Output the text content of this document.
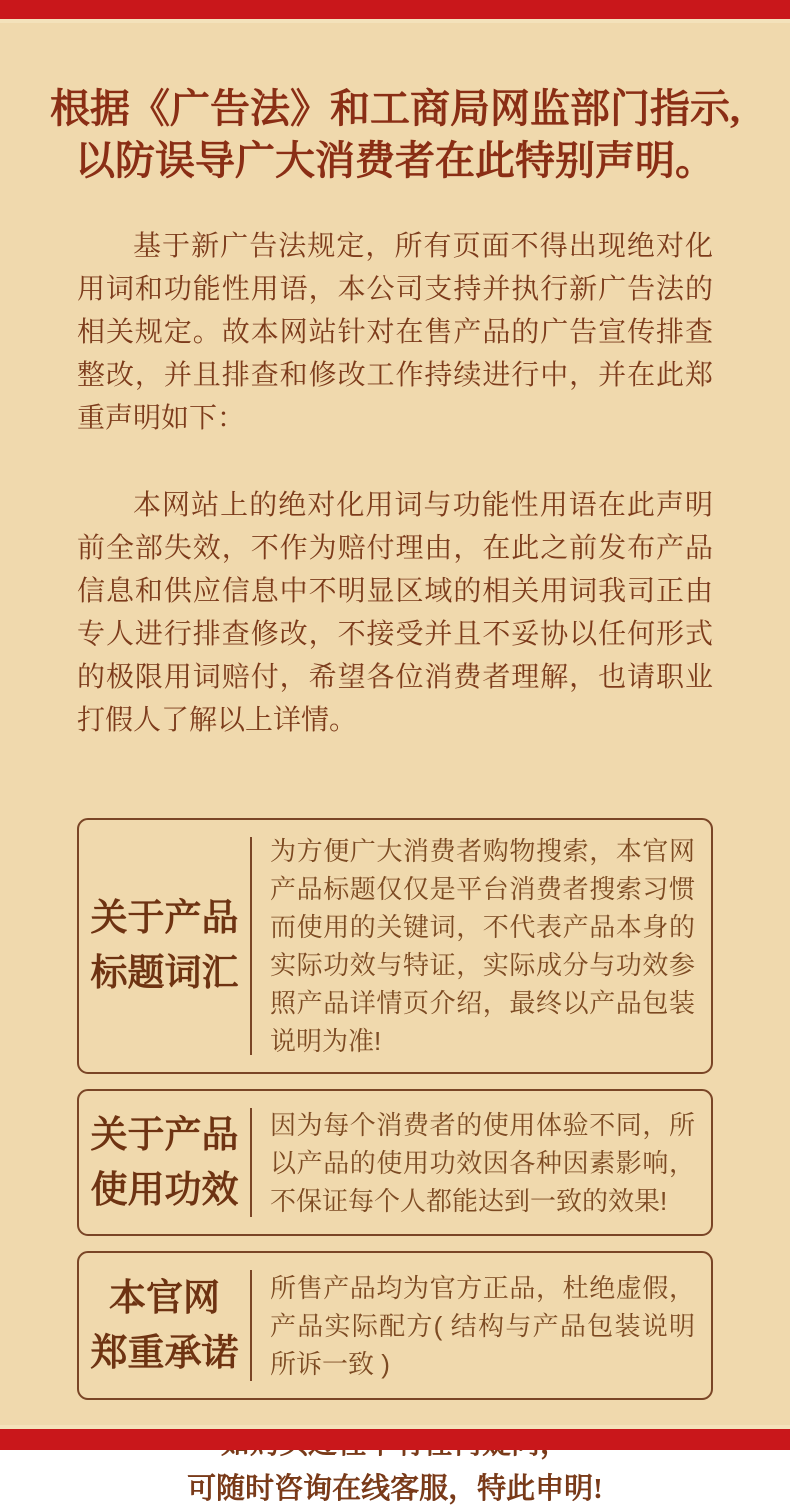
根据《广告法》和工商局网监部门指示,
以防误导广大消费者在此特别声明。

基于新广告法规定，所有页面不得出现绝对化用词和功能性用语，本公司支持并执行新广告法的相关规定。故本网站针对在售产品的广告宣传排查整改，并且排查和修改工作持续进行中，并在此郑重声明如下：

本网站上的绝对化用词与功能性用语在此声明前全部失效，不作为赔付理由，在此之前发布产品信息和供应信息中不明显区域的相关用词我司正由专人进行排查修改，不接受并且不妥协以任何形式的极限用词赔付，希望各位消费者理解，也请职业打假人了解以上详情。

关于产品
标题词汇

为方便广大消费者购物搜索，本官网产品标题仅仅是平台消费者搜索习惯而使用的关键词，不代表产品本身的实际功效与特证，实际成分与功效参照产品详情页介绍，最终以产品包装说明为准!

关于产品
使用功效

因为每个消费者的使用体验不同，所以产品的使用功效因各种因素影响，不保证每个人都能达到一致的效果!

本官网
郑重承诺

所售产品均为官方正品，杜绝虚假，产品实际配方( 结构与产品包装说明所诉一致 )

可随时咨询在线客服，特此申明!
